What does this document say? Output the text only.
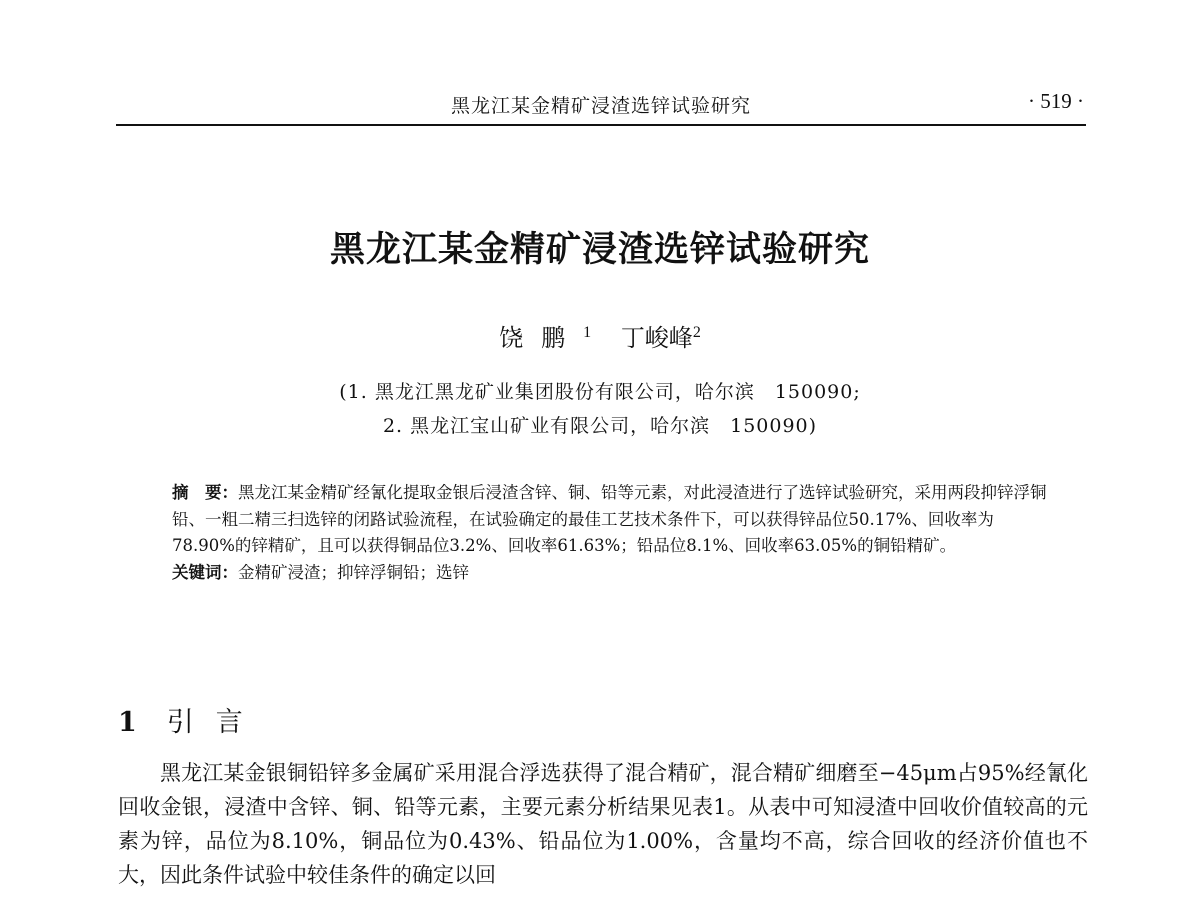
黑龙江某金精矿浸渣选锌试验研究	· 519 ·
黑龙江某金精矿浸渣选锌试验研究
饶鹏$^1$ 丁峻峰$^2$
(1. 黑龙江黑龙矿业集团股份有限公司，哈尔滨　150090;
2. 黑龙江宝山矿业有限公司，哈尔滨　150090)

摘　要：黑龙江某金精矿经氰化提取金银后浸渣含锌、铜、铅等元素，对此浸渣进行了选锌试验研究，采用两段抑锌浮铜铅、一粗二精三扫选锌的闭路试验流程，在试验确定的最佳工艺技术条件下，可以获得锌品位50.17%、回收率为78.90%的锌精矿，且可以获得铜品位3.2%、回收率61.63%；铅品位8.1%、回收率63.05%的铜铅精矿。

关键词：金精矿浸渣；抑锌浮铜铅；选锌

1 引言

黑龙江某金银铜铅锌多金属矿采用混合浮选获得了混合精矿，混合精矿细磨至−45μm占95%经氰化回收金银，浸渣中含锌、铜、铅等元素，主要元素分析结果见表1。从表中可知浸渣中回收价值较高的元素为锌，品位为8.10%，铜品位为0.43%、铅品位为1.00%，含量均不高，综合回收的经济价值也不大，因此条件试验中较佳条件的确定以回
